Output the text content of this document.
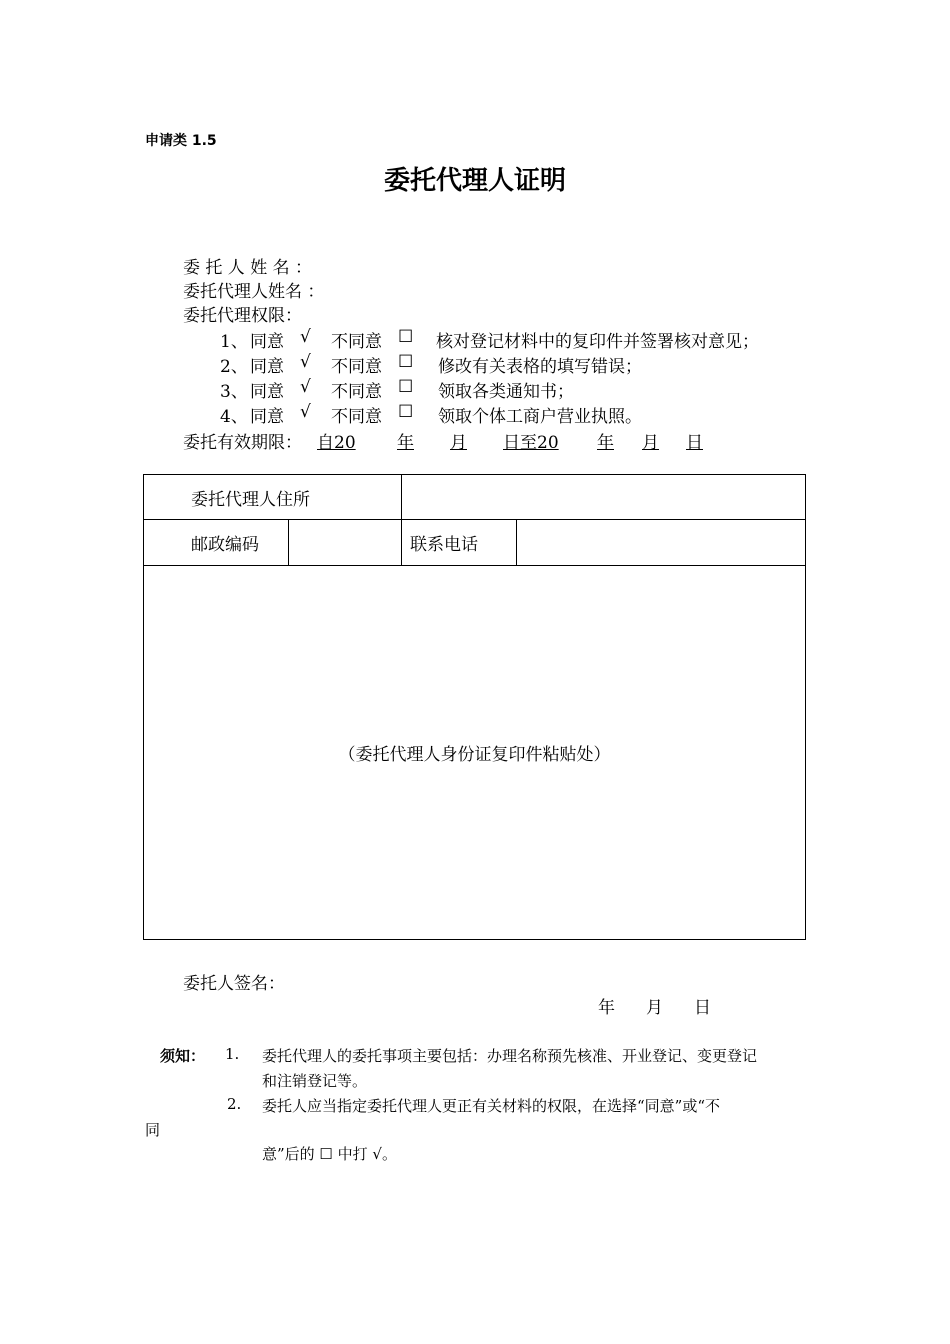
申请类 1.5
委托代理人证明
委 托 人 姓 名 ：
委托代理人姓名 ：
委托代理权限：
1、 同意 √ 不同意 ☐ 核对登记材料中的复印件并签署核对意见；
2、 同意 √ 不同意 ☐ 修改有关表格的填写错误；
3、 同意 √ 不同意 ☐ 领取各类通知书；
4、 同意 √ 不同意 ☐ 领取个体工商户营业执照。
委托有效期限： 自20 年 月 日至20 年 月 日
委托代理人住所			
邮政编码		联系电话	
（委托代理人身份证复印件粘贴处）			
委托人签名：
年 月 日
须知： 1. 委托代理人的委托事项主要包括：办理名称预先核准、开业登记、变更登记
和注销登记等。
2. 委托人应当指定委托代理人更正有关材料的权限，在选择“同意”或“不
同
意”后的 ☐ 中打 √。
